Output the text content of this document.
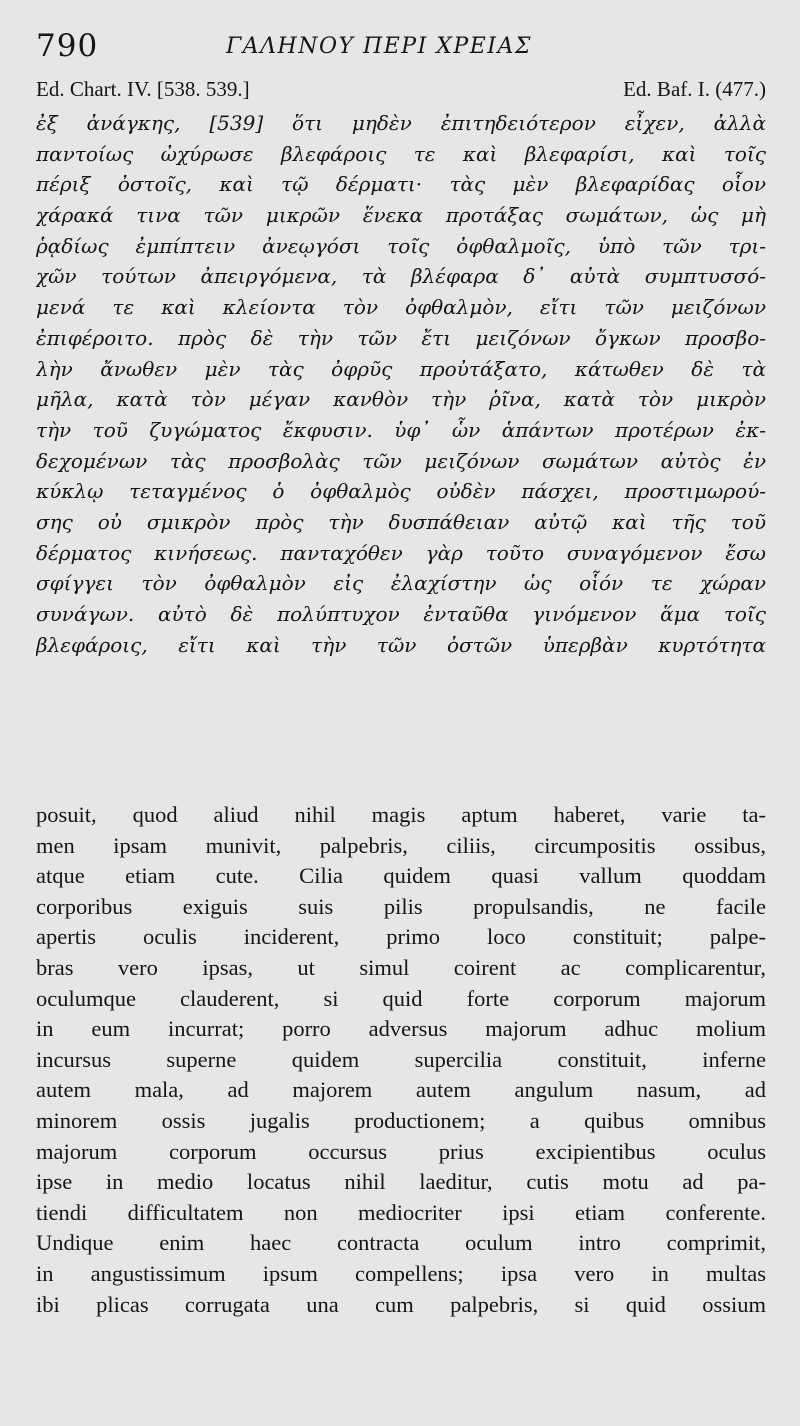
790	ΓΑΛΗΝΟΥ ΠΕΡΙ ΧΡΕΙΑΣ
Ed. Chart. IV. [538. 539.]	Ed. Baf. I. (477.)
ἐξ ἀνάγκης, [539] ὅτι μηδὲν ἐπιτηδειότερον εἶχεν, ἀλλὰ
παντοίως ὠχύρωσε βλεφάροις τε καὶ βλεφαρίσι, καὶ τοῖς
πέριξ ὀστοῖς, καὶ τῷ δέρματι· τὰς μὲν βλεφαρίδας οἷον
χάρακά τινα τῶν μικρῶν ἕνεκα προτάξας σωμάτων, ὡς μὴ
ῥᾳδίως ἐμπίπτειν ἀνεῳγόσι τοῖς ὀφθαλμοῖς, ὑπὸ τῶν τρι-
χῶν τούτων ἀπειργόμενα, τὰ βλέφαρα δ᾽ αὐτὰ συμπτυσσό-
μενά τε καὶ κλείοντα τὸν ὀφθαλμὸν, εἴτι τῶν μειζόνων
ἐπιφέροιτο. πρὸς δὲ τὴν τῶν ἔτι μειζόνων ὄγκων προσβο-
λὴν ἄνωθεν μὲν τὰς ὀφρῦς προὐτάξατο, κάτωθεν δὲ τὰ
μῆλα, κατὰ τὸν μέγαν κανθὸν τὴν ῥῖνα, κατὰ τὸν μικρὸν
τὴν τοῦ ζυγώματος ἔκφυσιν. ὑφ᾽ ὧν ἁπάντων προτέρων ἐκ-
δεχομένων τὰς προσβολὰς τῶν μειζόνων σωμάτων αὐτὸς ἐν
κύκλῳ τεταγμένος ὁ ὀφθαλμὸς οὐδὲν πάσχει, προστιμωρού-
σης οὐ σμικρὸν πρὸς τὴν δυσπάθειαν αὐτῷ καὶ τῆς τοῦ
δέρματος κινήσεως. πανταχόθεν γὰρ τοῦτο συναγόμενον ἔσω
σφίγγει τὸν ὀφθαλμὸν εἰς ἐλαχίστην ὡς οἷόν τε χώραν
συνάγων. αὐτὸ δὲ πολύπτυχον ἐνταῦθα γινόμενον ἅμα τοῖς
βλεφάροις, εἴτι καὶ τὴν τῶν ὀστῶν ὑπερβὰν κυρτότητα
posuit, quod aliud nihil magis aptum haberet, varie ta-
men ipsam munivit, palpebris, ciliis, circumpositis ossibus,
atque etiam cute. Cilia quidem quasi vallum quoddam
corporibus exiguis suis pilis propulsandis, ne facile
apertis oculis inciderent, primo loco constituit; palpe-
bras vero ipsas, ut simul coirent ac complicarentur,
oculumque clauderent, si quid forte corporum majorum
in eum incurrat; porro adversus majorum adhuc molium
incursus superne quidem supercilia constituit, inferne
autem mala, ad majorem autem angulum nasum, ad
minorem ossis jugalis productionem; a quibus omnibus
majorum corporum occursus prius excipientibus oculus
ipse in medio locatus nihil laeditur, cutis motu ad pa-
tiendi difficultatem non mediocriter ipsi etiam conferente.
Undique enim haec contracta oculum intro comprimit,
in angustissimum ipsum compellens; ipsa vero in multas
ibi plicas corrugata una cum palpebris, si quid ossium
